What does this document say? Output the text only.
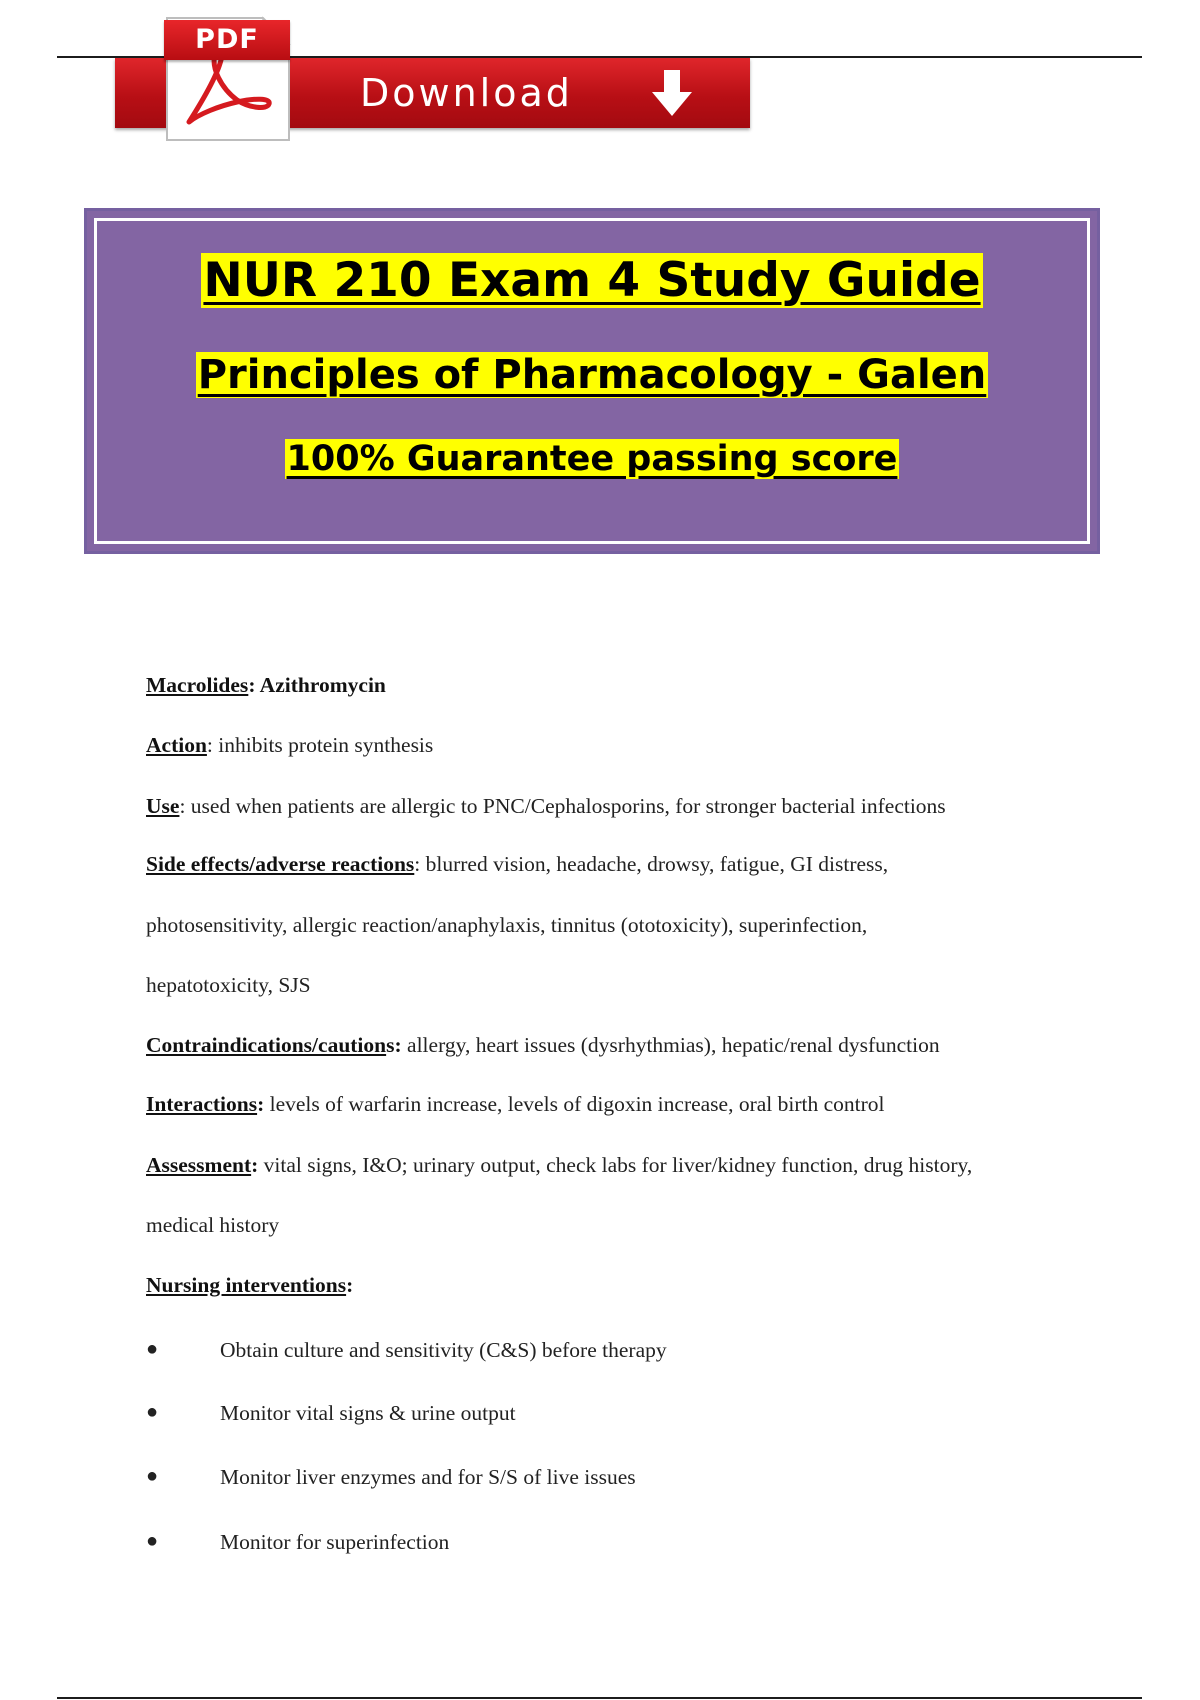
Download
PDF
NUR 210 Exam 4 Study Guide
Principles of Pharmacology - Galen
100% Guarantee passing score
Macrolides: Azithromycin
Action: inhibits protein synthesis
Use: used when patients are allergic to PNC/Cephalosporins, for stronger bacterial infections
Side effects/adverse reactions: blurred vision, headache, drowsy, fatigue, GI distress,
photosensitivity, allergic reaction/anaphylaxis, tinnitus (ototoxicity), superinfection,
hepatotoxicity, SJS
Contraindications/cautions: allergy, heart issues (dysrhythmias), hepatic/renal dysfunction
Interactions: levels of warfarin increase, levels of digoxin increase, oral birth control
Assessment: vital signs, I&O; urinary output, check labs for liver/kidney function, drug history,
medical history
Nursing interventions:
●	Obtain culture and sensitivity (C&S) before therapy
●	Monitor vital signs & urine output
●	Monitor liver enzymes and for S/S of live issues
●	Monitor for superinfection
